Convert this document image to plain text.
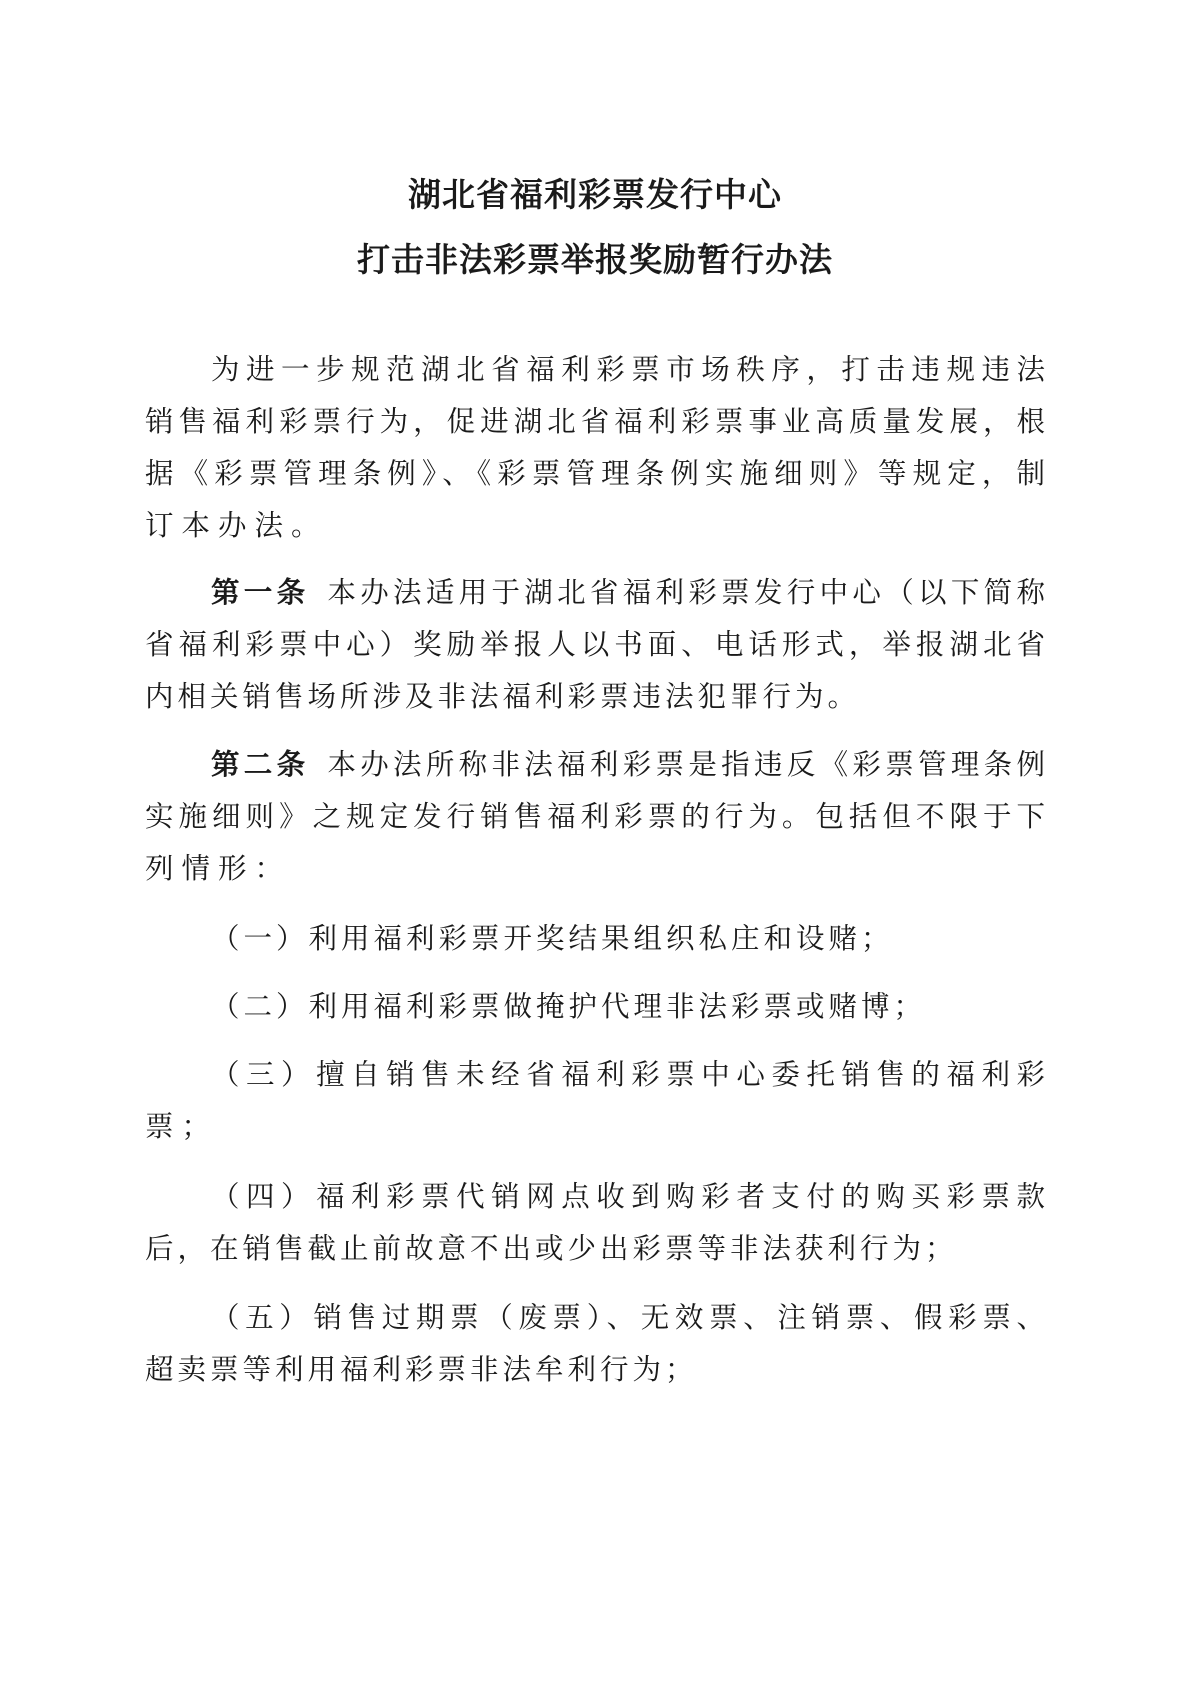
湖北省福利彩票发行中心
打击非法彩票举报奖励暂行办法
为进一步规范湖北省福利彩票市场秩序，打击违规违法
销售福利彩票行为，促进湖北省福利彩票事业高质量发展，根
据《彩票管理条例》、《彩票管理条例实施细则》等规定，制
订本办法。
第一条 本办法适用于湖北省福利彩票发行中心（以下简称
省福利彩票中心）奖励举报人以书面、电话形式，举报湖北省
内相关销售场所涉及非法福利彩票违法犯罪行为。
第二条 本办法所称非法福利彩票是指违反《彩票管理条例
实施细则》之规定发行销售福利彩票的行为。包括但不限于下
列情形：
（一）利用福利彩票开奖结果组织私庄和设赌；
（二）利用福利彩票做掩护代理非法彩票或赌博；
（三）擅自销售未经省福利彩票中心委托销售的福利彩
票；
（四）福利彩票代销网点收到购彩者支付的购买彩票款
后，在销售截止前故意不出或少出彩票等非法获利行为；
（五）销售过期票（废票）、无效票、注销票、假彩票、
超卖票等利用福利彩票非法牟利行为；
